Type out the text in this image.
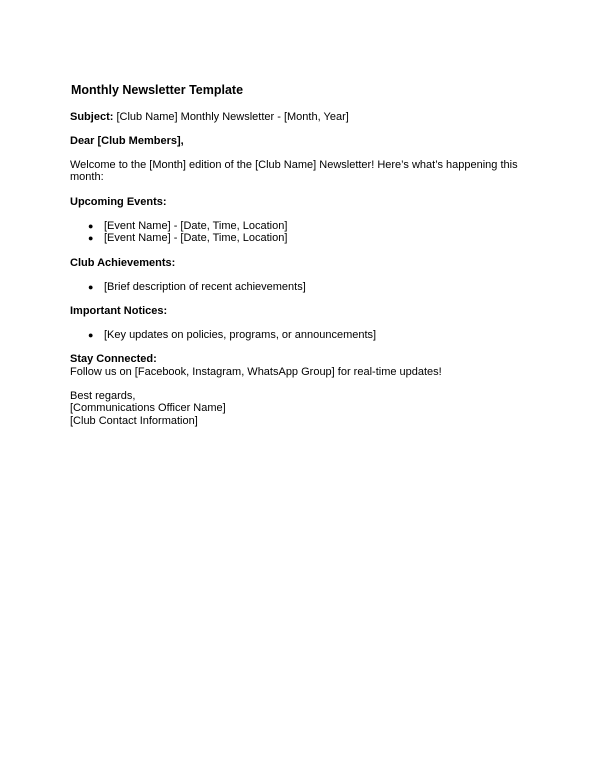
Monthly Newsletter Template
Subject: [Club Name] Monthly Newsletter - [Month, Year]
Dear [Club Members],
Welcome to the [Month] edition of the [Club Name] Newsletter! Here’s what’s happening this
month:
Upcoming Events:
● [Event Name] - [Date, Time, Location]
● [Event Name] - [Date, Time, Location]
Club Achievements:
● [Brief description of recent achievements]
Important Notices:
● [Key updates on policies, programs, or announcements]
Stay Connected:
Follow us on [Facebook, Instagram, WhatsApp Group] for real-time updates!
Best regards,
[Communications Officer Name]
[Club Contact Information]
